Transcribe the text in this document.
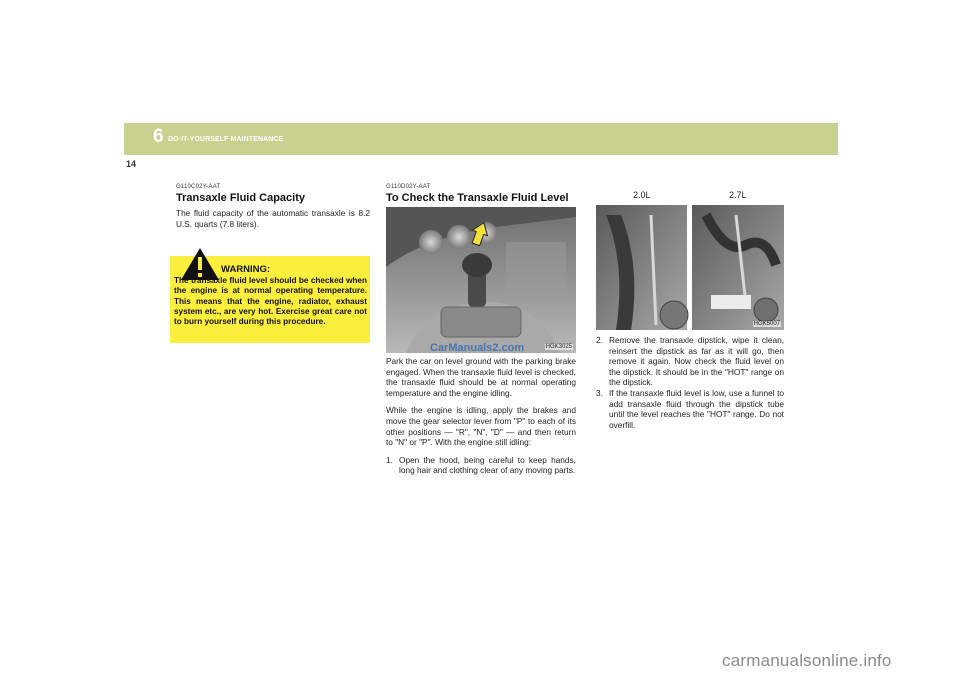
6 DO-IT-YOURSELF MAINTENANCE
14
G110C02Y-AAT
Transaxle Fluid Capacity

The fluid capacity of the automatic transaxle is 8.2 U.S. quarts (7.8 liters).

WARNING:

The transaxle fluid level should be checked when the engine is at normal operating temperature. This means that the engine, radiator, exhaust system etc., are very hot. Exercise great care not to burn yourself during this procedure.

G110D02Y-AAT
To Check the Transaxle Fluid Level
HGK3025
CarManuals2.com

Park the car on level ground with the parking brake engaged. When the transaxle fluid level is checked, the transaxle fluid should be at normal operating temperature and the engine idling.

While the engine is idling, apply the brakes and move the gear selector lever from "P" to each of its other positions — "R", "N", "D" — and then return to "N" or "P". With the engine still idling:

1. Open the hood, being careful to keep hands, long hair and clothing clear of any moving parts.
HGK5007
2.0L	2.7L
2. Remove the transaxle dipstick, wipe it clean, reinsert the dipstick as far as it will go, then remove it again. Now check the fluid level on the dipstick. It should be in the "HOT" range on the dipstick.
3. If the transaxle fluid level is low, use a funnel to add transaxle fluid through the dipstick tube until the level reaches the "HOT" range. Do not overfill.
carmanualsonline.info
